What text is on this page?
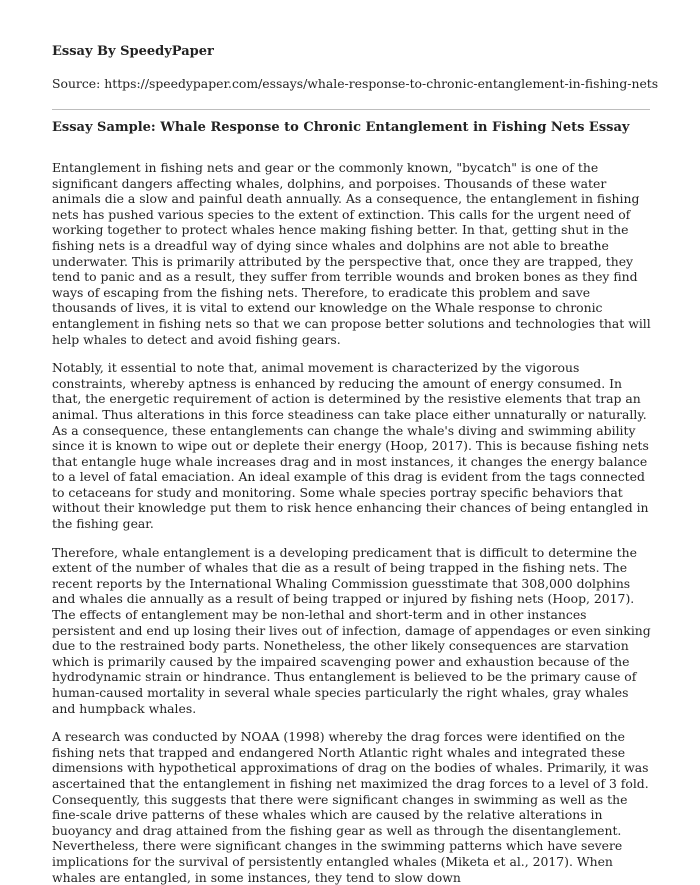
Essay By SpeedyPaper
Source: https://speedypaper.com/essays/whale-response-to-chronic-entanglement-in-fishing-nets
Essay Sample: Whale Response to Chronic Entanglement in Fishing Nets Essay

Entanglement in fishing nets and gear or the commonly known, "bycatch" is one of the significant dangers affecting whales, dolphins, and porpoises. Thousands of these water animals die a slow and painful death annually. As a consequence, the entanglement in fishing nets has pushed various species to the extent of extinction. This calls for the urgent need of working together to protect whales hence making fishing better. In that, getting shut in the fishing nets is a dreadful way of dying since whales and dolphins are not able to breathe underwater. This is primarily attributed by the perspective that, once they are trapped, they tend to panic and as a result, they suffer from terrible wounds and broken bones as they find ways of escaping from the fishing nets. Therefore, to eradicate this problem and save thousands of lives, it is vital to extend our knowledge on the Whale response to chronic entanglement in fishing nets so that we can propose better solutions and technologies that will help whales to detect and avoid fishing gears.

Notably, it essential to note that, animal movement is characterized by the vigorous constraints, whereby aptness is enhanced by reducing the amount of energy consumed. In that, the energetic requirement of action is determined by the resistive elements that trap an animal. Thus alterations in this force steadiness can take place either unnaturally or naturally. As a consequence, these entanglements can change the whale's diving and swimming ability since it is known to wipe out or deplete their energy (Hoop, 2017). This is because fishing nets that entangle huge whale increases drag and in most instances, it changes the energy balance to a level of fatal emaciation. An ideal example of this drag is evident from the tags connected to cetaceans for study and monitoring. Some whale species portray specific behaviors that without their knowledge put them to risk hence enhancing their chances of being entangled in the fishing gear.

Therefore, whale entanglement is a developing predicament that is difficult to determine the extent of the number of whales that die as a result of being trapped in the fishing nets. The recent reports by the International Whaling Commission guesstimate that 308,000 dolphins and whales die annually as a result of being trapped or injured by fishing nets (Hoop, 2017). The effects of entanglement may be non-lethal and short-term and in other instances persistent and end up losing their lives out of infection, damage of appendages or even sinking due to the restrained body parts. Nonetheless, the other likely consequences are starvation which is primarily caused by the impaired scavenging power and exhaustion because of the hydrodynamic strain or hindrance. Thus entanglement is believed to be the primary cause of human-caused mortality in several whale species particularly the right whales, gray whales and humpback whales.

A research was conducted by NOAA (1998) whereby the drag forces were identified on the fishing nets that trapped and endangered North Atlantic right whales and integrated these dimensions with hypothetical approximations of drag on the bodies of whales. Primarily, it was ascertained that the entanglement in fishing net maximized the drag forces to a level of 3 fold. Consequently, this suggests that there were significant changes in swimming as well as the fine-scale drive patterns of these whales which are caused by the relative alterations in buoyancy and drag attained from the fishing gear as well as through the disentanglement. Nevertheless, there were significant changes in the swimming patterns which have severe implications for the survival of persistently entangled whales (Miketa et al., 2017). When whales are entangled, in some instances, they tend to slow down
